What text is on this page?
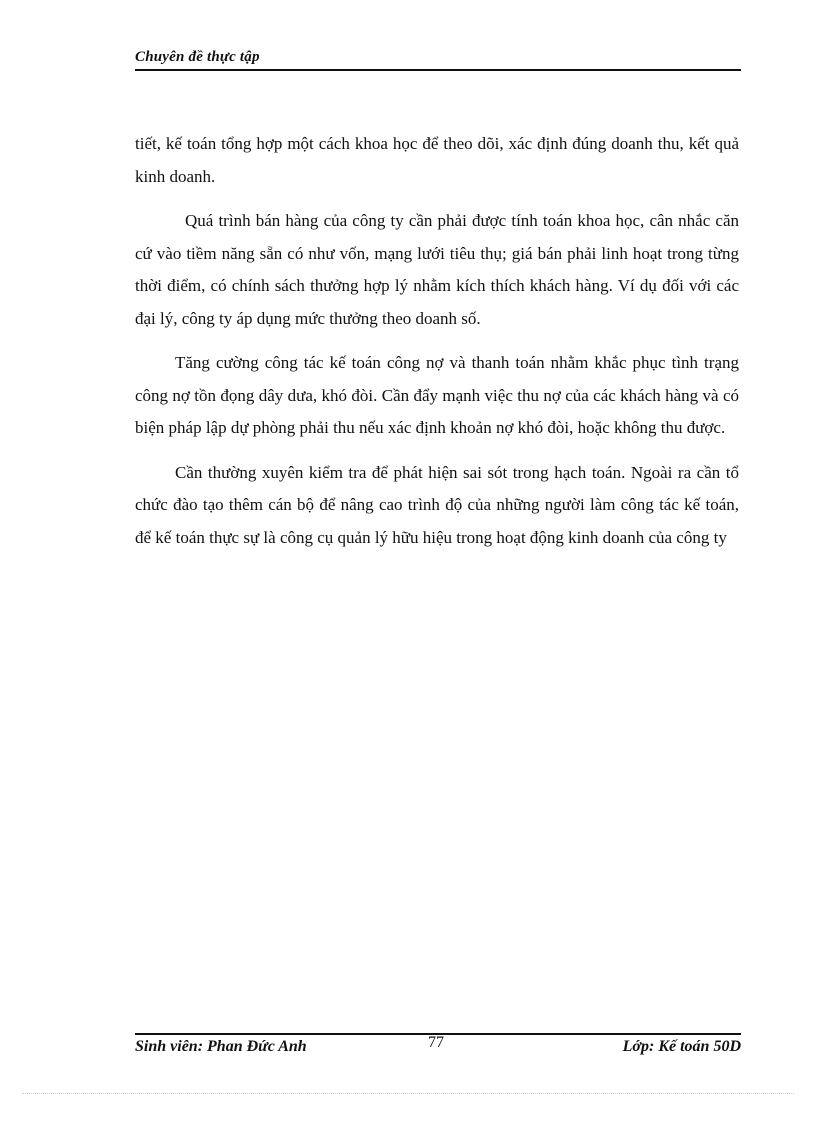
Chuyên đề thực tập

tiết, kế toán tổng hợp một cách khoa học để theo dõi, xác định đúng doanh thu, kết quả kinh doanh.

Quá trình bán hàng của công ty cần phải được tính toán khoa học, cân nhắc căn cứ vào tiềm năng sẵn có như vốn, mạng lưới tiêu thụ; giá bán phải linh hoạt trong từng thời điểm, có chính sách thưởng hợp lý nhằm kích thích khách hàng. Ví dụ đối với các đại lý, công ty áp dụng mức thưởng theo doanh số.

Tăng cường công tác kế toán công nợ và thanh toán nhằm khắc phục tình trạng công nợ tồn đọng dây dưa, khó đòi. Cần đẩy mạnh việc thu nợ của các khách hàng và có biện pháp lập dự phòng phải thu nếu xác định khoản nợ khó đòi, hoặc không thu được.

Cần thường xuyên kiểm tra để phát hiện sai sót trong hạch toán. Ngoài ra cần tổ chức đào tạo thêm cán bộ để nâng cao trình độ của những người làm công tác kế toán, để kế toán thực sự là công cụ quản lý hữu hiệu trong hoạt động kinh doanh của công ty

Sinh viên: Phan Đức Anh	77	Lớp: Kế toán 50D
